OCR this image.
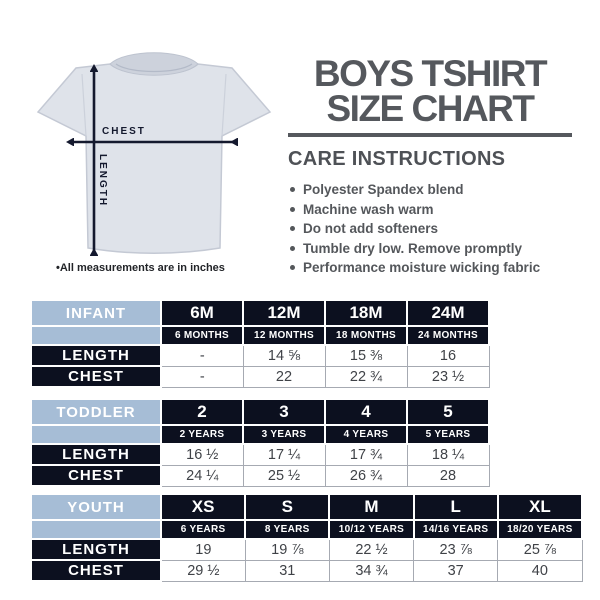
CHEST
LENGTH
•All measurements are in inches
BOYS TSHIRT
SIZE CHART
CARE INSTRUCTIONS
Polyester Spandex blend
Machine wash warm
Do not add softeners
Tumble dry low. Remove promptly
Performance moisture wicking fabric
INFANT	6M	12M	18M	24M
	6 MONTHS	12 MONTHS	18 MONTHS	24 MONTHS
LENGTH	-	14 ⅝	15 ⅜	16
CHEST	-	22	22 ¾	23 ½
TODDLER	2	3	4	5
	2 YEARS	3 YEARS	4 YEARS	5 YEARS
LENGTH	16 ½	17 ¼	17 ¾	18 ¼
CHEST	24 ¼	25 ½	26 ¾	28
YOUTH	XS	S	M	L	XL
	6 YEARS	8 YEARS	10/12 YEARS	14/16 YEARS	18/20 YEARS
LENGTH	19	19 ⅞	22 ½	23 ⅞	25 ⅞
CHEST	29 ½	31	34 ¾	37	40
